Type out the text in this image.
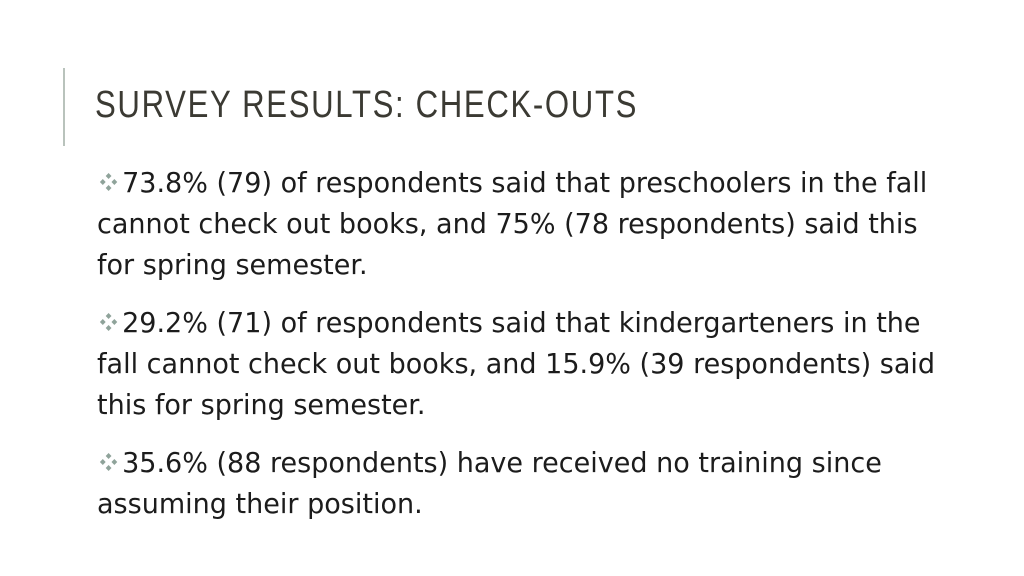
SURVEY RESULTS: CHECK-OUTS
73.8% (79) of respondents said that preschoolers in the fall cannot check out books, and 75% (78 respondents) said this for spring semester.
29.2% (71) of respondents said that kindergarteners in the fall cannot check out books, and 15.9% (39 respondents) said this for spring semester.
35.6% (88 respondents) have received no training since assuming their position.
